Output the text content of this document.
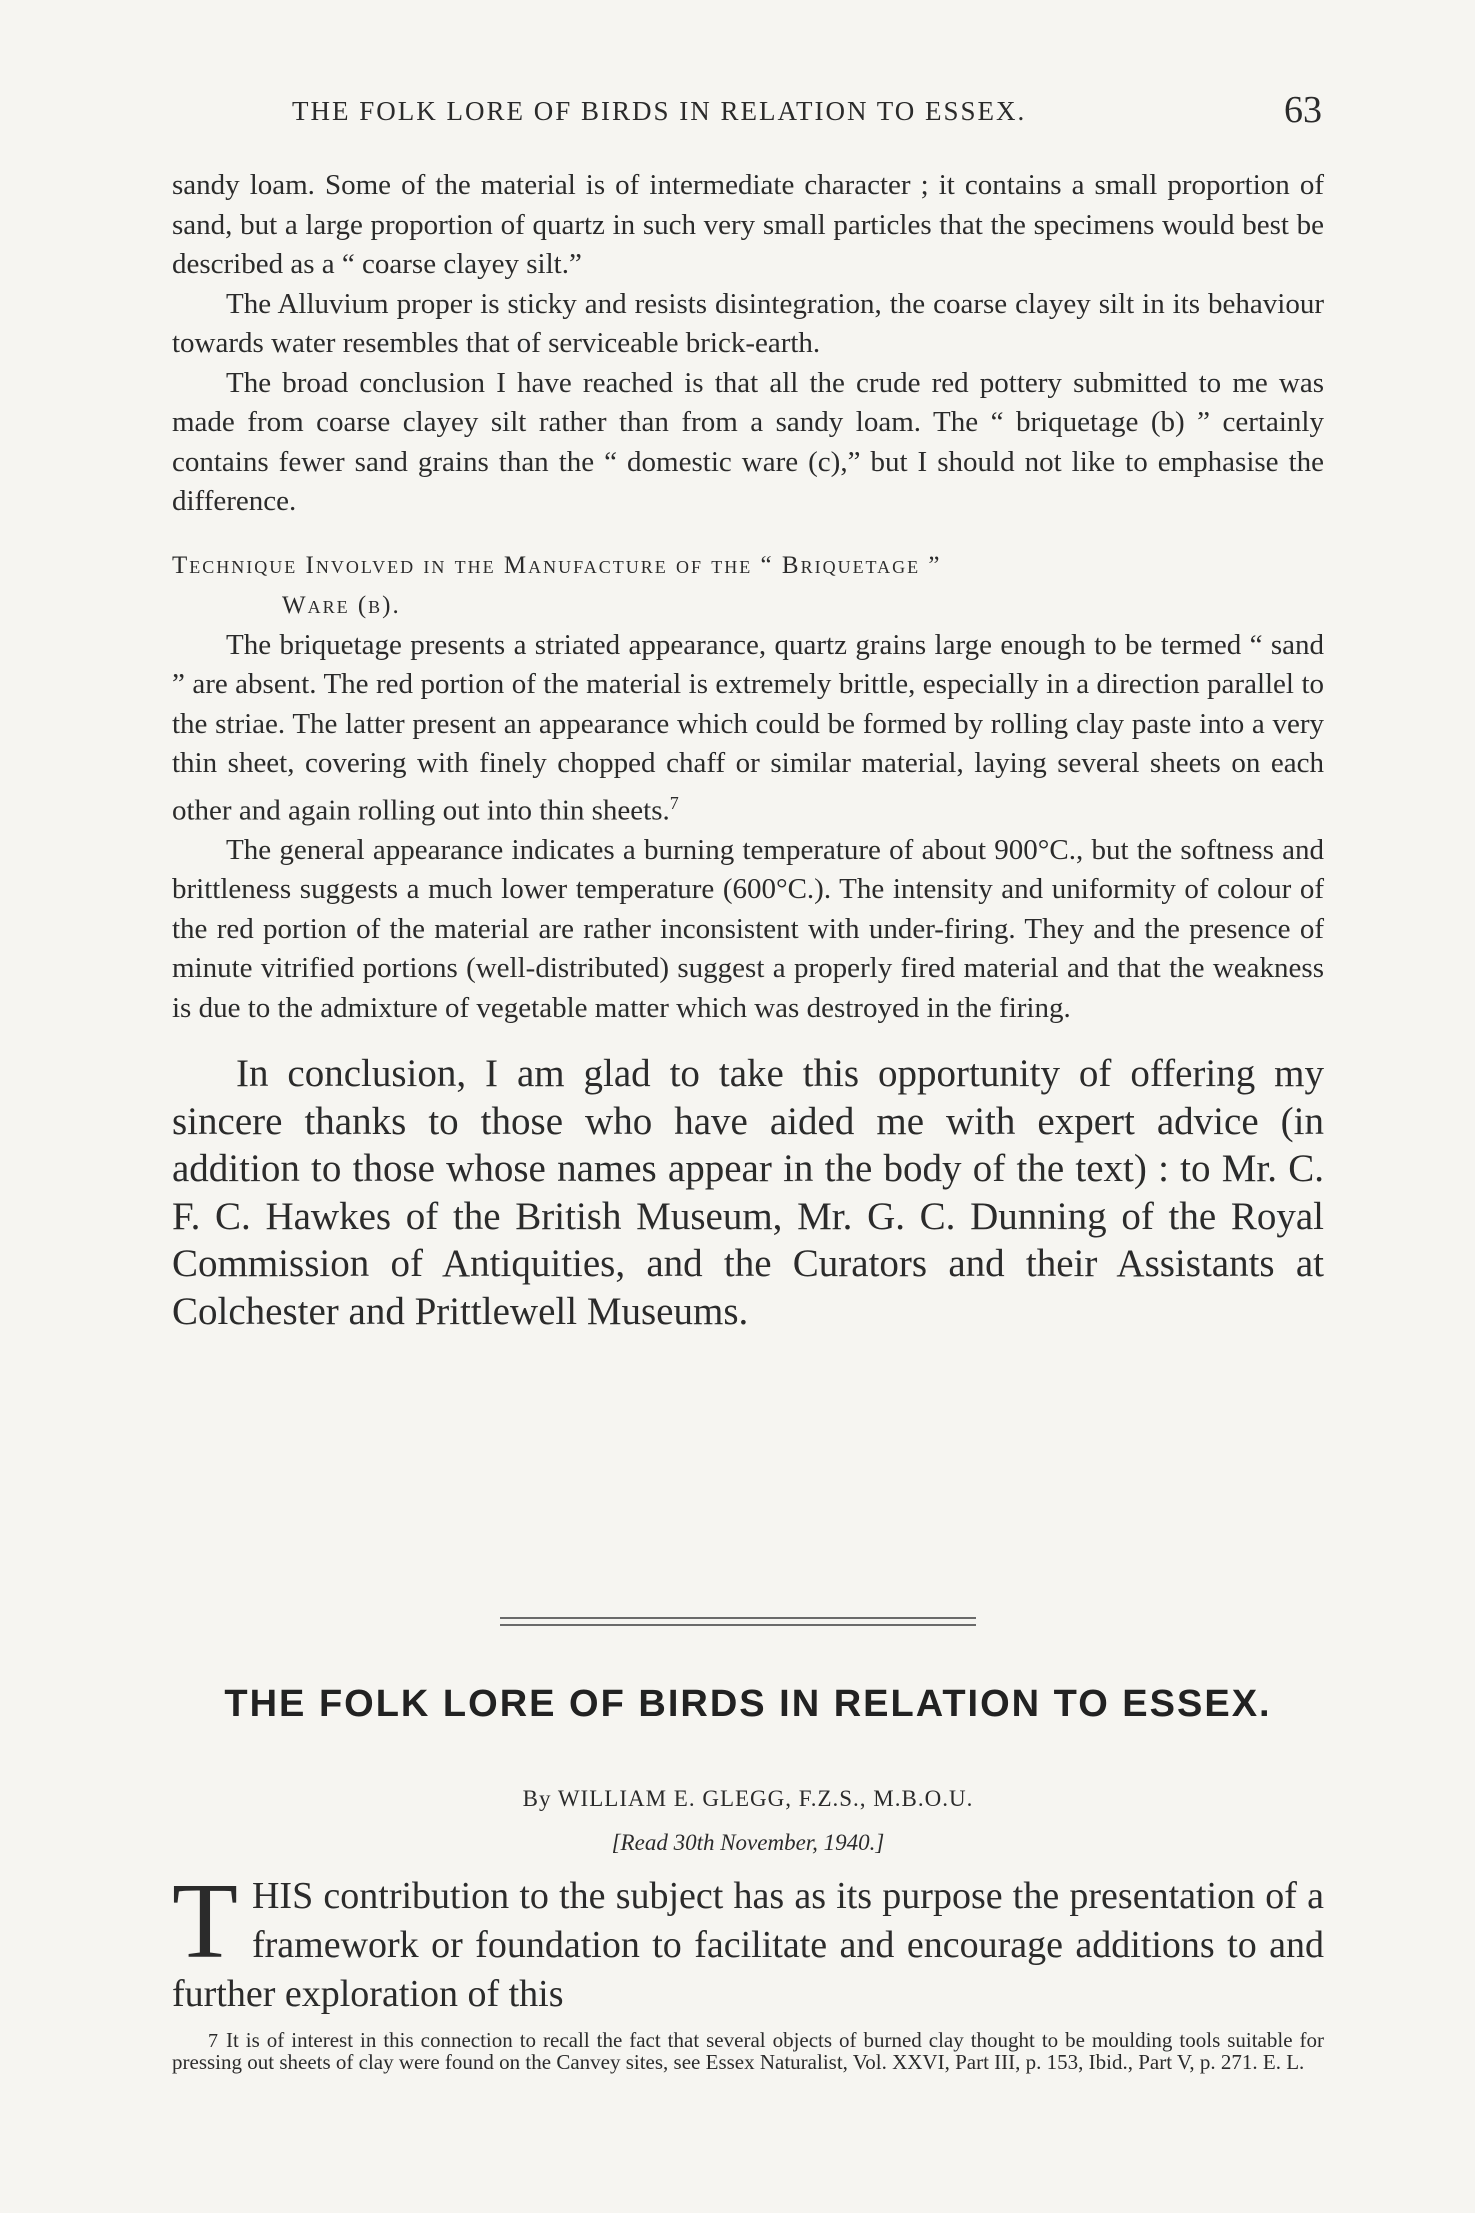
THE FOLK LORE OF BIRDS IN RELATION TO ESSEX.	63

sandy loam. Some of the material is of intermediate character ; it contains a small proportion of sand, but a large proportion of quartz in such very small particles that the specimens would best be described as a “ coarse clayey silt.”

The Alluvium proper is sticky and resists disintegration, the coarse clayey silt in its behaviour towards water resembles that of serviceable brick-earth.

The broad conclusion I have reached is that all the crude red pottery submitted to me was made from coarse clayey silt rather than from a sandy loam. The “ briquetage (b) ” certainly contains fewer sand grains than the “ domestic ware (c),” but I should not like to emphasise the difference.

Technique Involved in the Manufacture of the “ Briquetage ”
Ware (b).

The briquetage presents a striated appearance, quartz grains large enough to be termed “ sand ” are absent. The red portion of the material is extremely brittle, especially in a direction parallel to the striae. The latter present an appearance which could be formed by rolling clay paste into a very thin sheet, covering with finely chopped chaff or similar material, laying several sheets on each other and again rolling out into thin sheets.$^7$

The general appearance indicates a burning temperature of about 900°C., but the softness and brittleness suggests a much lower temperature (600°C.). The intensity and uniformity of colour of the red portion of the material are rather inconsistent with under-firing. They and the presence of minute vitrified portions (well-distributed) suggest a properly fired material and that the weakness is due to the admixture of vegetable matter which was destroyed in the firing.

In conclusion, I am glad to take this opportunity of offering my sincere thanks to those who have aided me with expert advice (in addition to those whose names appear in the body of the text) : to Mr. C. F. C. Hawkes of the British Museum, Mr. G. C. Dunning of the Royal Commission of Antiquities, and the Curators and their Assistants at Colchester and Prittlewell Museums.

THE FOLK LORE OF BIRDS IN RELATION TO ESSEX.
By WILLIAM E. GLEGG, F.Z.S., M.B.O.U.
[Read 30th November, 1940.]
THIS contribution to the subject has as its purpose the presentation of a framework or foundation to facilitate and encourage additions to and further exploration of this
7 It is of interest in this connection to recall the fact that several objects of burned clay thought to be moulding tools suitable for pressing out sheets of clay were found on the Canvey sites, see Essex Naturalist, Vol. XXVI, Part III, p. 153, Ibid., Part V, p. 271. E. L.
